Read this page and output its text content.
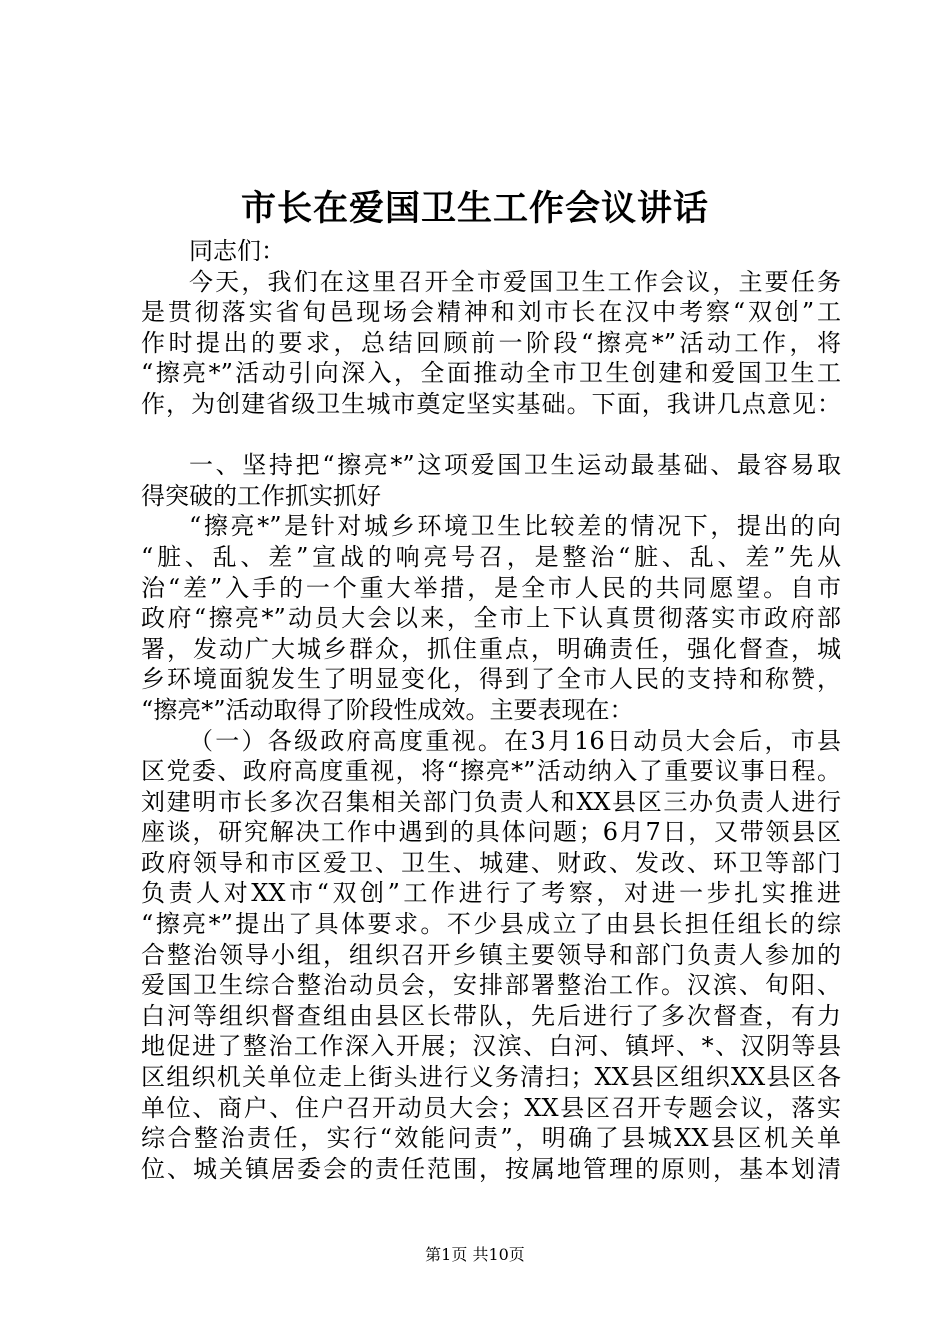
市长在爱国卫生工作会议讲话
同志们：
今天，我们在这里召开全市爱国卫生工作会议，主要任务
是贯彻落实省旬邑现场会精神和刘市长在汉中考察“双创”工
作时提出的要求，总结回顾前一阶段“擦亮*”活动工作，将
“擦亮*”活动引向深入，全面推动全市卫生创建和爱国卫生工
作，为创建省级卫生城市奠定坚实基础。下面，我讲几点意见：
一、坚持把“擦亮*”这项爱国卫生运动最基础、最容易取
得突破的工作抓实抓好
“擦亮*”是针对城乡环境卫生比较差的情况下，提出的向
“脏、乱、差”宣战的响亮号召，是整治“脏、乱、差”先从
治“差”入手的一个重大举措，是全市人民的共同愿望。自市
政府“擦亮*”动员大会以来，全市上下认真贯彻落实市政府部
署，发动广大城乡群众，抓住重点，明确责任，强化督查，城
乡环境面貌发生了明显变化，得到了全市人民的支持和称赞，
“擦亮*”活动取得了阶段性成效。主要表现在：
（一）各级政府高度重视。在3月16日动员大会后，市县
区党委、政府高度重视，将“擦亮*”活动纳入了重要议事日程。
刘建明市长多次召集相关部门负责人和XX县区三办负责人进行
座谈，研究解决工作中遇到的具体问题；6月7日，又带领县区
政府领导和市区爱卫、卫生、城建、财政、发改、环卫等部门
负责人对XX市“双创”工作进行了考察，对进一步扎实推进
“擦亮*”提出了具体要求。不少县成立了由县长担任组长的综
合整治领导小组，组织召开乡镇主要领导和部门负责人参加的
爱国卫生综合整治动员会，安排部署整治工作。汉滨、旬阳、
白河等组织督查组由县区长带队，先后进行了多次督查，有力
地促进了整治工作深入开展；汉滨、白河、镇坪、*、汉阴等县
区组织机关单位走上街头进行义务清扫；XX县区组织XX县区各
单位、商户、住户召开动员大会；XX县区召开专题会议，落实
综合整治责任，实行“效能问责”，明确了县城XX县区机关单
位、城关镇居委会的责任范围，按属地管理的原则，基本划清
第1页 共10页
